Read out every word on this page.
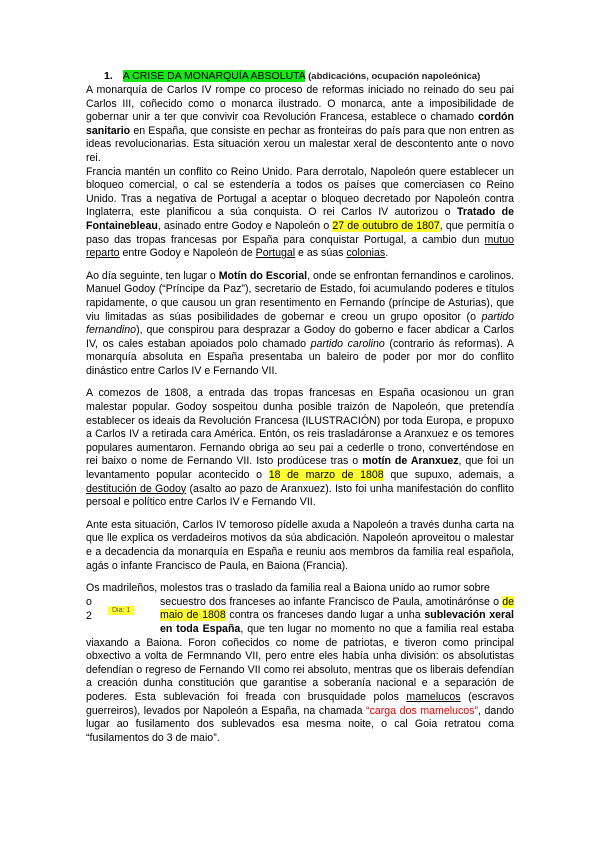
1. A CRISE DA MONARQUÍA ABSOLUTA (abdicacións, ocupación napoleónica)

A monarquía de Carlos IV rompe co proceso de reformas iniciado no reinado do seu pai Carlos III, coñecido como o monarca ilustrado. O monarca, ante a imposibilidade de gobernar unir a ter que convivir coa Revolución Francesa, establece o chamado cordón sanitario en España, que consiste en pechar as fronteiras do país para que non entren as ideas revolucionarias. Esta situación xerou un malestar xeral de descontento ante o novo rei.

Francia mantén un conflito co Reino Unido. Para derrotalo, Napoleón quere establecer un bloqueo comercial, o cal se estendería a todos os países que comerciasen co Reino Unido. Tras a negativa de Portugal a aceptar o bloqueo decretado por Napoleón contra Inglaterra, este planificou a súa conquista. O rei Carlos IV autorizou o Tratado de Fontainebleau, asinado entre Godoy e Napoleón o 27 de outubro de 1807, que permitía o paso das tropas francesas por España para conquistar Portugal, a cambio dun mutuo reparto entre Godoy e Napoleón de Portugal e as súas colonias.

Ao día seguinte, ten lugar o Motín do Escorial, onde se enfrontan fernandinos e carolinos. Manuel Godoy (“Príncipe da Paz”), secretario de Estado, foi acumulando poderes e títulos rapidamente, o que causou un gran resentimento en Fernando (príncipe de Asturias), que viu limitadas as súas posibilidades de gobernar e creou un grupo opositor (o partido fernandino), que conspirou para desprazar a Godoy do goberno e facer abdicar a Carlos IV, os cales estaban apoiados polo chamado partido carolino (contrario ás reformas). A monarquía absoluta en España presentaba un baleiro de poder por mor do conflito dinástico entre Carlos IV e Fernando VII.

A comezos de 1808, a entrada das tropas francesas en España ocasionou un gran malestar popular. Godoy sospeitou dunha posible traizón de Napoleón, que pretendía establecer os ideais da Revolución Francesa (ILUSTRACIÓN) por toda Europa, e propuxo a Carlos IV a retirada cara América. Entón, os reis trasladáronse a Aranxuez e os temores populares aumentaron. Fernando obriga ao seu pai a cederlle o trono, converténdose en rei baixo o nome de Fernando VII. Isto prodúcese tras o motín de Aranxuez, que foi un levantamento popular acontecido o 18 de marzo de 1808 que supuxo, ademais, a destitución de Godoy (asalto ao pazo de Aranxuez). Isto foi unha manifestación do conflito persoal e político entre Carlos IV e Fernando VII.

Ante esta situación, Carlos IV temoroso pídelle axuda a Napoleón a través dunha carta na que lle explica os verdadeiros motivos da súa abdicación. Napoleón aproveitou o malestar e a decadencia da monarquía en España e reuniu aos membros da familia real española, agás o infante Francisco de Paula, en Baiona (Francia).

Os madrileños, molestos tras o traslado da familia real a Baiona unido ao rumor sobre

o
Dia: 1
2
secuestro dos franceses ao infante Francisco de Paula, amotinárónse o de maio de 1808 contra os franceses dando lugar a unha sublevación xeral en toda España, que ten lugar no momento no que a familia real estaba viaxando a Baiona. Foron coñecidos co nome de patriotas, e tiveron como principal obxectivo a volta de Fermnando VII, pero entre eles había unha división: os absolutistas defendían o regreso de Fernando VII como rei absoluto, mentras que os liberais defendían a creación dunha constitución que garantise a soberanía nacional e a separación de poderes. Esta sublevación foi freada con brusquidade polos mamelucos (escravos guerreiros), levados por Napoleón a España, na chamada “carga dos mamelucos”, dando lugar ao fusilamento dos sublevados esa mesma noite, o cal Goia retratou coma “fusilamentos do 3 de maio”.
